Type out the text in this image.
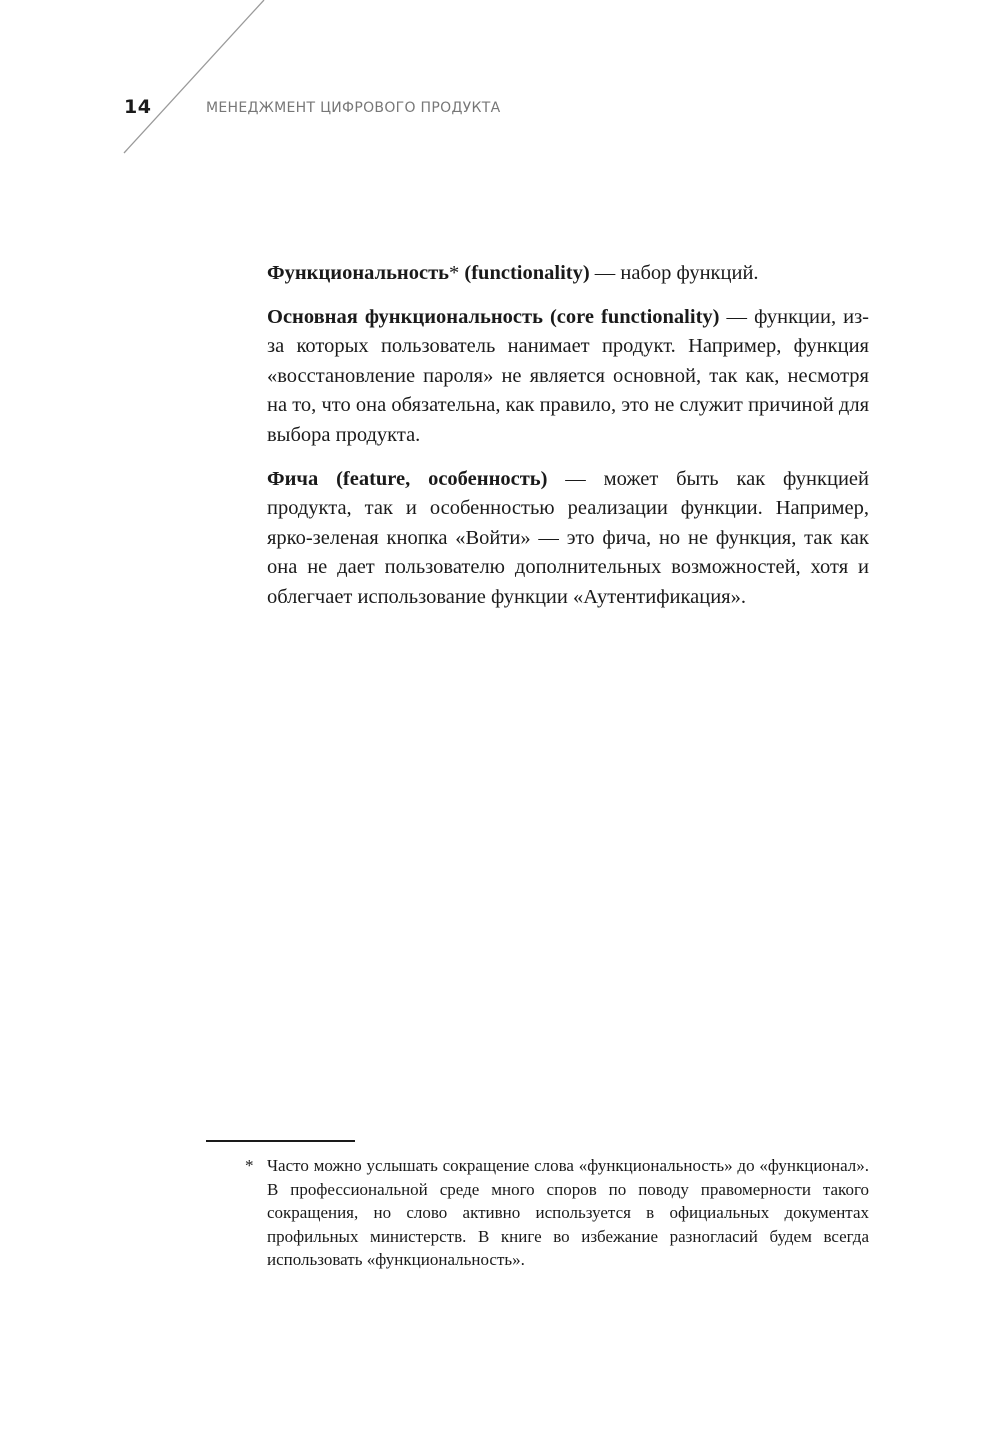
14	МЕНЕДЖМЕНТ ЦИФРОВОГО ПРОДУКТА

Функциональность* (functionality) — набор функций.

Основная функциональность (core functionality) — функции, из-за которых пользователь нанимает продукт. Например, функция «восстановление пароля» не является основной, так как, несмотря на то, что она обязательна, как правило, это не служит причиной для выбора продукта.

Фича (feature, особенность) — может быть как функцией продукта, так и особенностью реализации функции. Например, ярко-зеленая кнопка «Войти» — это фича, но не функция, так как она не дает пользователю дополнительных возможностей, хотя и облегчает использование функции «Аутентификация».

* Часто можно услышать сокращение слова «функциональность» до «функционал». В профессиональной среде много споров по поводу правомерности такого сокращения, но слово активно используется в официальных документах профильных министерств. В книге во избежание разногласий будем всегда использовать «функциональность».
